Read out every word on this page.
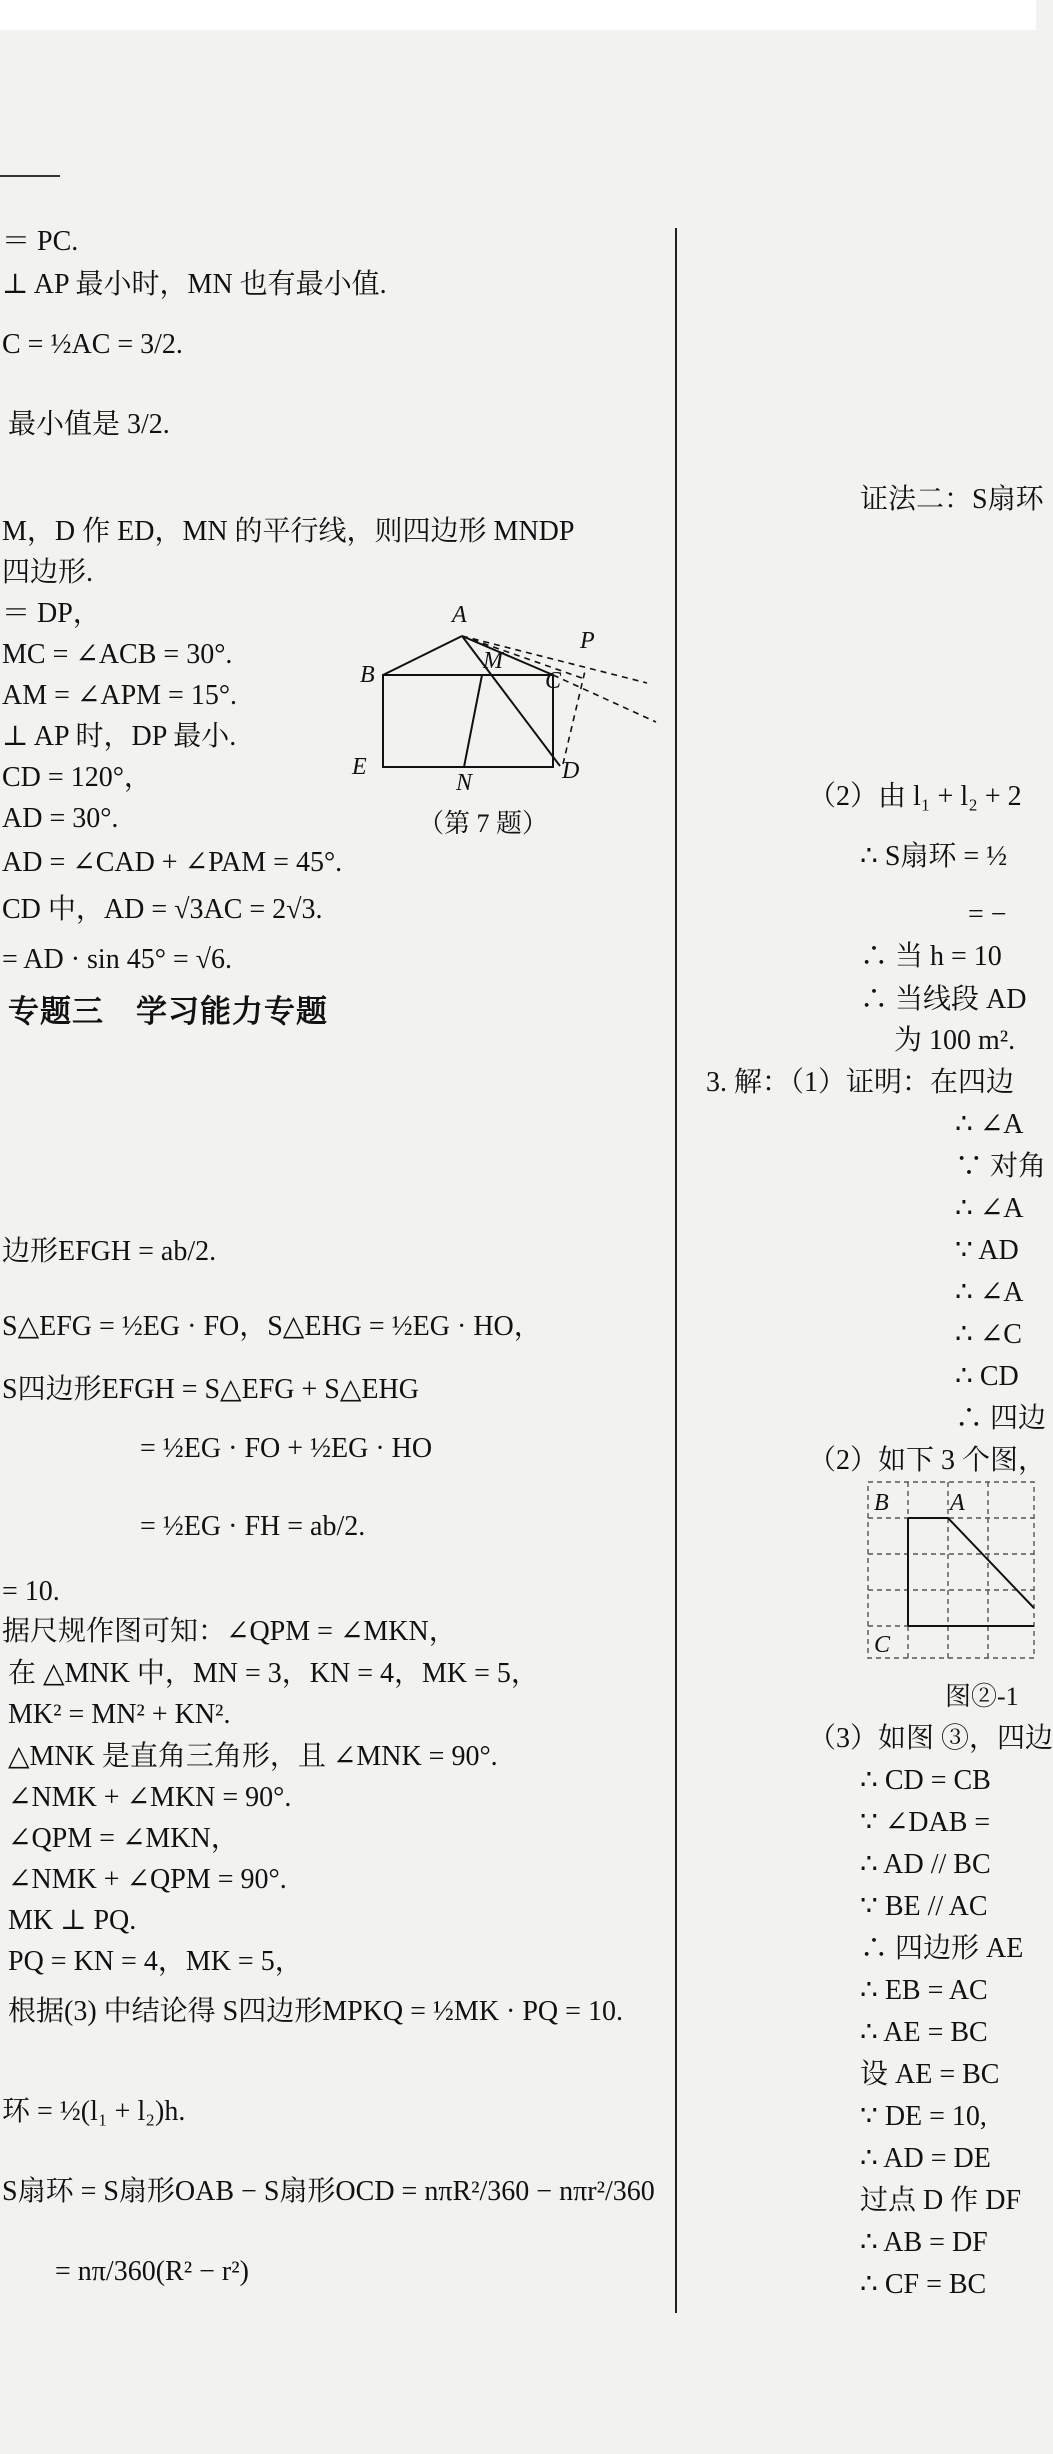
＝ PC.
⊥ AP 最小时，MN 也有最小值.
C = ½AC = 3/2.
最小值是 3/2.
M，D 作 ED，MN 的平行线，则四边形 MNDP
四边形.
＝ DP，
MC = ∠ACB = 30°.
AM = ∠APM = 15°.
⊥ AP 时，DP 最小.
CD = 120°，
AD = 30°.
AD = ∠CAD + ∠PAM = 45°.
CD 中，AD = √3AC = 2√3.
= AD · sin 45° = √6.
专题三　学习能力专题
边形EFGH = ab/2.
S△EFG = ½EG · FO，S△EHG = ½EG · HO，
S四边形EFGH = S△EFG + S△EHG
= ½EG · FO + ½EG · HO
= ½EG · FH = ab/2.
= 10.
据尺规作图可知：∠QPM = ∠MKN，
在 △MNK 中，MN = 3，KN = 4，MK = 5，
MK² = MN² + KN².
△MNK 是直角三角形，且 ∠MNK = 90°.
∠NMK + ∠MKN = 90°.
∠QPM = ∠MKN，
∠NMK + ∠QPM = 90°.
MK ⊥ PQ.
PQ = KN = 4，MK = 5，
根据(3) 中结论得 S四边形MPKQ = ½MK · PQ = 10.
环 = ½(l₁ + l₂)h.
S扇环 = S扇形OAB − S扇形OCD = nπR²/360 − nπr²/360
= nπ/360(R² − r²)
A
B
M
C
P
E
N	D
（第 7 题）
证法二：S扇环
（2）由 l₁ + l₂ + 2
∴ S扇环 = ½
= −
∴ 当 h = 10
∴ 当线段 AD
为 100 m².
3. 解：（1）证明：在四边
∴ ∠A
∵ 对角
∴ ∠A
∵ AD
∴ ∠A
∴ ∠C
∴ CD
∴ 四边
（2）如下 3 个图，
B	A
C
图②-1
（3）如图 ③，四边
∴ CD = CB
∵ ∠DAB =
∴ AD // BC
∵ BE // AC
∴ 四边形 AE
∴ EB = AC
∴ AE = BC
设 AE = BC
∵ DE = 10,
∴ AD = DE
过点 D 作 DF
∴ AB = DF
∴ CF = BC
